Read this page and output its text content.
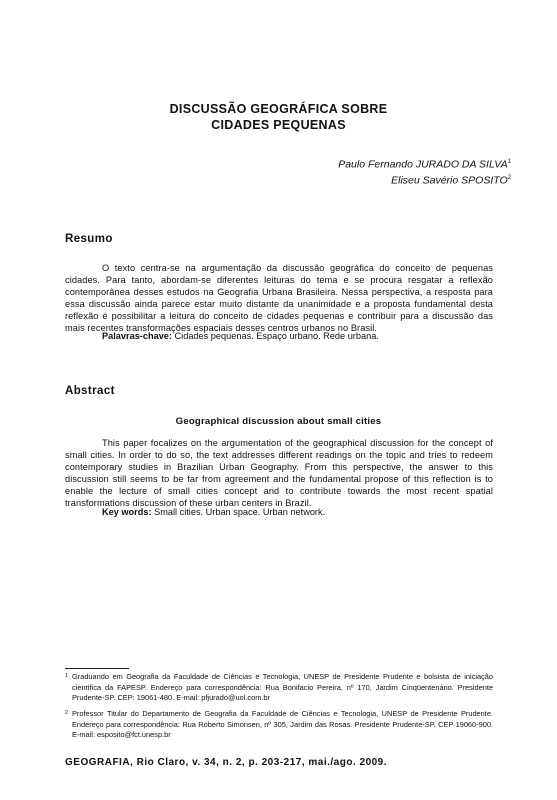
DISCUSSÃO GEOGRÁFICA SOBRE
CIDADES PEQUENAS
Paulo Fernando JURADO DA SILVA$^1$
Eliseu Savério SPOSITO$^2$
Resumo

O texto centra-se na argumentação da discussão geográfica do conceito de pequenas cidades. Para tanto, abordam-se diferentes leituras do tema e se procura resgatar a reflexão contemporânea desses estudos na Geografia Urbana Brasileira. Nessa perspectiva, a resposta para essa discussão ainda parece estar muito distante da unanimidade e a proposta fundamental desta reflexão é possibilitar a leitura do conceito de cidades pequenas e contribuir para a discussão das mais recentes transformações espaciais desses centros urbanos no Brasil.

Palavras-chave: Cidades pequenas. Espaço urbano. Rede urbana.
Abstract
Geographical discussion about small cities

This paper focalizes on the argumentation of the geographical discussion for the concept of small cities. In order to do so, the text addresses different readings on the topic and tries to redeem contemporary studies in Brazilian Urban Geography. From this perspective, the answer to this discussion still seems to be far from agreement and the fundamental propose of this reflection is to enable the lecture of small cities concept and to contribute towards the most recent spatial transformations discussion of these urban centers in Brazil.

Key words: Small cities. Urban space. Urban network.
1 Graduando em Geografia da Faculdade de Ciências e Tecnologia, UNESP de Presidente Prudente e bolsista de iniciação científica da FAPESP. Endereço para correspondência: Rua Bonifacio Pereira, nº 170, Jardim Cinqüentenário. Presidente Prudente-SP. CEP: 19061-480. E-mail: pfjurado@uol.com.br
2 Professor Titular do Departamento de Geografia da Faculdade de Ciências e Tecnologia, UNESP de Presidente Prudente. Endereço para correspondência: Rua Roberto Simonsen, nº 305, Jardim das Rosas. Presidente Prudente-SP. CEP 19060-900. E-mail: esposito@fct.unesp.br
GEOGRAFIA, Rio Claro, v. 34, n. 2, p. 203-217, mai./ago. 2009.
